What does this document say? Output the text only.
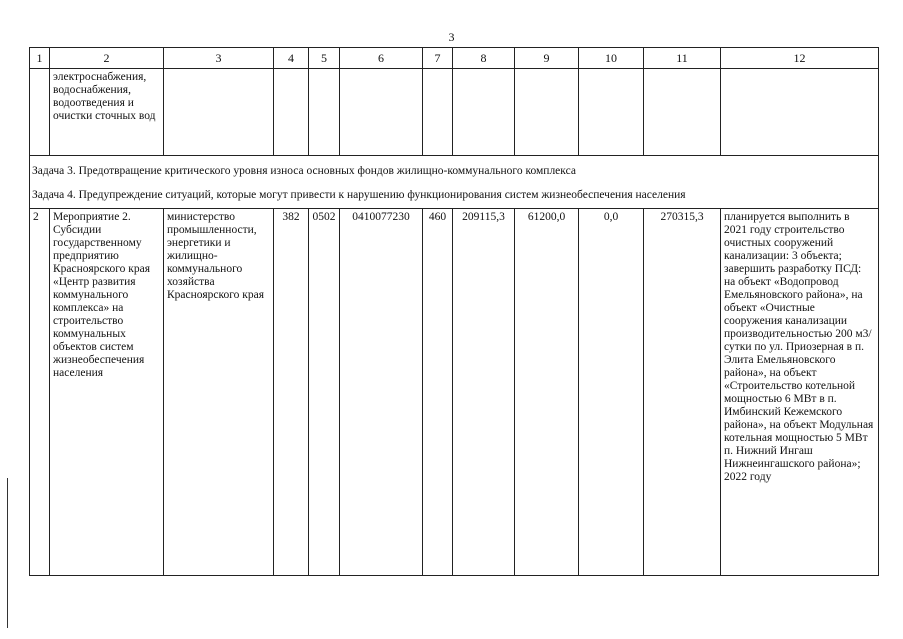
3
1	2	3	4	5	6	7	8	9	10	11	12
	электроснабжения, водоснабжения, водоотведения и очистки сточных вод										

Задача 3. Предотвращение критического уровня износа основных фондов жилищно-коммунального комплекса
Задача 4. Предупреждение ситуаций, которые могут привести к нарушению функционирования систем жизнеобеспечения населения											

2	Мероприятие 2. Субсидии государственному предприятию Красноярского края «Центр развития коммунального комплекса» на строительство коммунальных объектов систем жизнеобеспечения населения	министерство промышленности, энергетики и жилищно-коммунального хозяйства Красноярского края	382	0502	0410077230	460	209115,3	61200,0	0,0	270315,3	планируется выполнить в 2021 году строительство очистных сооружений канализации: 3 объекта; завершить разработку ПСД: на объект «Водопровод Емельяновского района», на объект «Очистные сооружения канализации производительностью 200 м3/сутки по ул. Приозерная в п. Элита Емельяновского района», на объект «Строительство котельной мощностью 6 МВт в п. Имбинский Кежемского района», на объект Модульная котельная мощностью 5 МВт п. Нижний Ингаш Нижнеингашского района»; 2022 году
